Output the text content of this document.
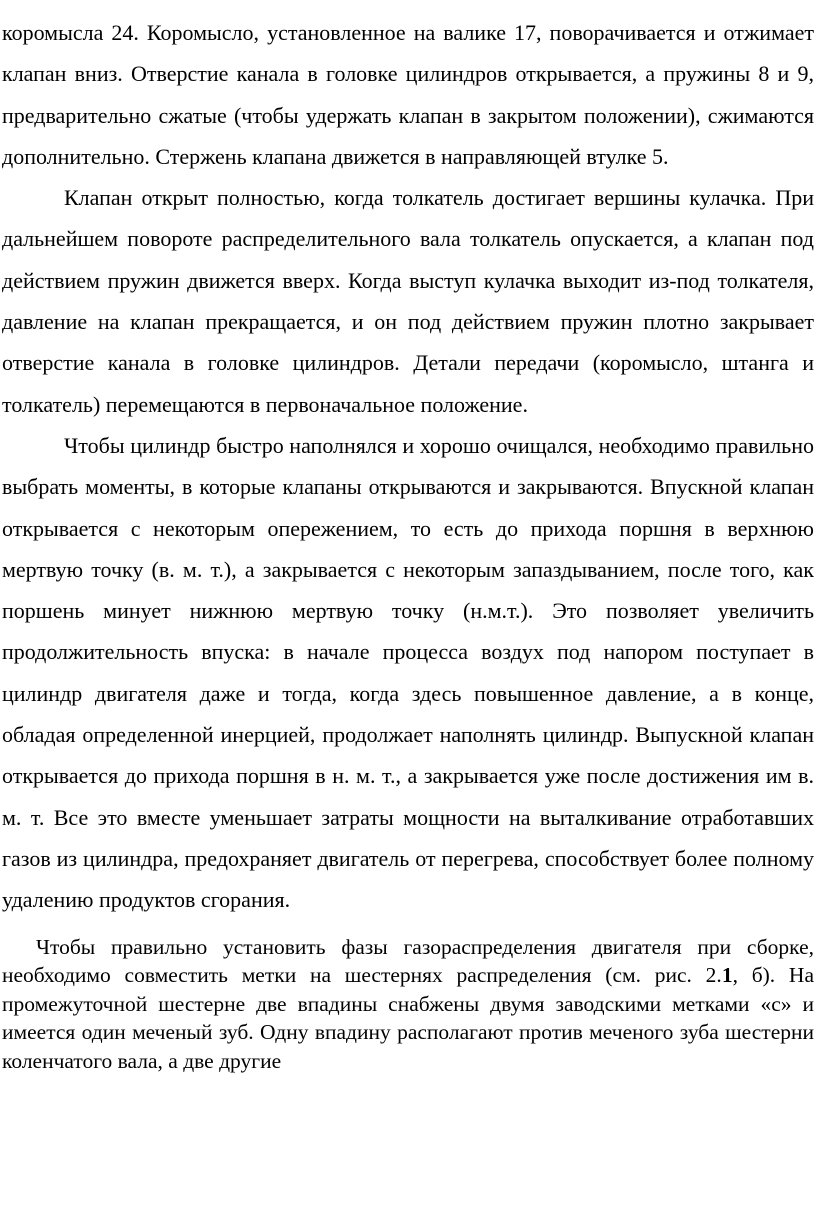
коромысла 24. Коромысло, установленное на валике 17, поворачивается и отжимает клапан вниз. Отверстие канала в головке цилиндров открывается, а пружины 8 и 9, предварительно сжатые (чтобы удержать клапан в закрытом положении), сжимаются дополнительно. Стержень клапана движется в направляющей втулке 5.

Клапан открыт полностью, когда толкатель достигает вершины кулачка. При дальнейшем повороте распределительного вала толкатель опускается, а клапан под действием пружин движется вверх. Когда выступ кулачка выходит из-под толкателя, давление на клапан прекращается, и он под действием пружин плотно закрывает отверстие канала в головке цилиндров. Детали передачи (коромысло, штанга и толкатель) перемещаются в первоначальное положение.

Чтобы цилиндр быстро наполнялся и хорошо очищался, необходимо правильно выбрать моменты, в которые клапаны открываются и закрываются. Впускной клапан открывается с некоторым опережением, то есть до прихода поршня в верхнюю мертвую точку (в. м. т.), а закрывается с некоторым запаздыванием, после того, как поршень минует нижнюю мертвую точку (н.м.т.). Это позволяет увеличить продолжительность впуска: в начале процесса воздух под напором поступает в цилиндр двигателя даже и тогда, когда здесь повышенное давление, а в конце, обладая определенной инерцией, продолжает наполнять цилиндр. Выпускной клапан открывается до прихода поршня в н. м. т., а закрывается уже после достижения им в. м. т. Все это вместе уменьшает затраты мощности на выталкивание отработавших газов из цилиндра, предохраняет двигатель от перегрева, способствует более полному удалению продуктов сгорания.

Чтобы правильно установить фазы газораспределения двигателя при сборке, необходимо совместить метки на шестернях распределения (см. рис. 2.1, б). На промежуточной шестерне две впадины снабжены двумя заводскими метками «с» и имеется один меченый зуб. Одну впадину располагают против меченого зуба шестерни коленчатого вала, а две другие
